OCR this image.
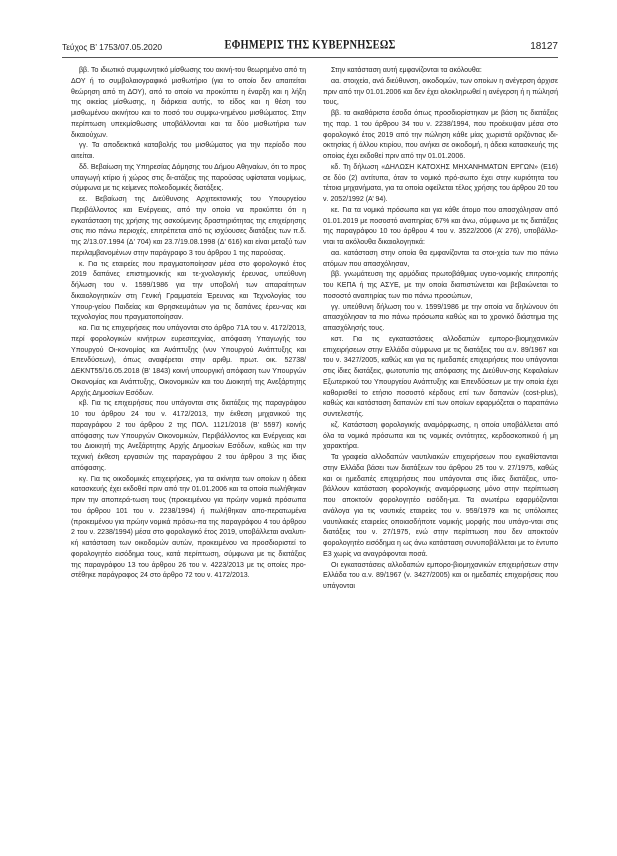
Τεύχος Β’ 1753/07.05.2020	ΕΦΗΜΕΡΙΣ ΤΗΣ ΚΥΒΕΡΝΗΣΕΩΣ	18127

ββ. Το ιδιωτικό συμφωνητικό μίσθωσης του ακινή-του θεωρημένο από τη ΔΟΥ ή το συμβολαιογραφικό μισθωτήριο (για το οποίο δεν απαιτείται θεώρηση από τη ΔΟΥ), από το οποίο να προκύπτει η έναρξη και η λήξη της οικείας μίσθωσης, η διάρκεια αυτής, το είδος και η θέση του μισθωμένου ακινήτου και το ποσό του συμφω-νημένου μισθώματος. Στην περίπτωση υπεκμίσθωσης υποβάλλονται και τα δύο μισθωτήρια των δικαιούχων.

γγ. Τα αποδεικτικά καταβολής του μισθώματος για την περίοδο που αιτείται.

δδ. Βεβαίωση της Υπηρεσίας Δόμησης του Δήμου Αθηναίων, ότι το προς υπαγωγή κτίριο ή χώρος στις δι-ατάξεις της παρούσας υφίσταται νομίμως, σύμφωνα με τις κείμενες πολεοδομικές διατάξεις.

εε. Βεβαίωση της Διεύθυνσης Αρχιτεκτονικής του Υπουργείου Περιβάλλοντος και Ενέργειας, από την οποία να προκύπτει ότι η εγκατάσταση της χρήσης της ασκούμενης δραστηριότητας της επιχείρησης στις πιο πάνω περιοχές, επιτρέπεται από τις ισχύουσες διατάξεις των π.δ. της 2/13.07.1994 (Δ’ 704) και 23.7/19.08.1998 (Δ’ 616) και είναι μεταξύ των περιλαμβανομένων στην παράγραφο 3 του άρθρου 1 της παρούσας.

κ. Για τις εταιρείες που πραγματοποίησαν μέσα στο φορολογικό έτος 2019 δαπάνες επιστημονικής και τε-χνολογικής έρευνας, υπεύθυνη δήλωση του ν. 1599/1986 για την υποβολή των απαραίτητων δικαιολογητικών στη Γενική Γραμματεία Έρευνας και Τεχνολογίας του Υπουρ-γείου Παιδείας και Θρησκευμάτων για τις δαπάνες έρευ-νας και τεχνολογίας που πραγματοποίησαν.

κα. Για τις επιχειρήσεις που υπάγονται στο άρθρο 71Α του ν. 4172/2013, περί φορολογικών κινήτρων ευρεσιτεχνίας, απόφαση Υπαγωγής του Υπουργού Οι-κονομίας και Ανάπτυξης (νυν Υπουργού Ανάπτυξης και Επενδύσεων), όπως αναφέρεται στην αριθμ. πρωτ. οικ. 52738/ΔΕΚΝΤ55/16.05.2018 (Β’ 1843) κοινή υπουργική απόφαση των Υπουργών Οικονομίας και Ανάπτυξης, Οικονομικών και του Διοικητή της Ανεξάρτητης Αρχής Δημοσίων Εσόδων.

κβ. Για τις επιχειρήσεις που υπάγονται στις διατάξεις της παραγράφου 10 του άρθρου 24 του ν. 4172/2013, την έκθεση μηχανικού της παραγράφου 2 του άρθρου 2 της ΠΟΛ. 1121/2018 (Β’ 5597) κοινής απόφασης των Υπουργών Οικονομικών, Περιβάλλοντος και Ενέργειας και του Διοικητή της Ανεξάρτητης Αρχής Δημοσίων Εσόδων, καθώς και την τεχνική έκθεση εργασιών της παραγράφου 2 του άρθρου 3 της ίδιας απόφασης.

κγ. Για τις οικοδομικές επιχειρήσεις, για τα ακίνητα των οποίων η άδεια κατασκευής έχει εκδοθεί πριν από την 01.01.2006 και τα οποία πωλήθηκαν πριν την αποπερά-τωση τους (προκειμένου για πρώην νομικά πρόσωπα του άρθρου 101 του ν. 2238/1994) ή πωλήθηκαν απο-περατωμένα (προκειμένου για πρώην νομικά πρόσω-πα της παραγράφου 4 του άρθρου 2 του ν. 2238/1994) μέσα στο φορολογικό έτος 2019, υποβάλλεται αναλυτι-κή κατάσταση των οικοδομών αυτών, προκειμένου να προσδιοριστεί το φορολογητέο εισόδημα τους, κατά περίπτωση, σύμφωνα με τις διατάξεις της παραγράφου 13 του άρθρου 26 του ν. 4223/2013 με τις οποίες προ-στέθηκε παράγραφος 24 στο άρθρο 72 του ν. 4172/2013.

Στην κατάσταση αυτή εμφανίζονται τα ακόλουθα:

αα. στοιχεία, ανά διεύθυνση, οικοδομών, των οποίων η ανέγερση άρχισε πριν από την 01.01.2006 και δεν έχει ολοκληρωθεί η ανέγερση ή η πώλησή τους,

ββ. τα ακαθάριστα έσοδα όπως προσδιορίστηκαν με βάση τις διατάξεις της παρ. 1 του άρθρου 34 του ν. 2238/1994, που προέκυψαν μέσα στο φορολογικό έτος 2019 από την πώληση κάθε μίας χωριστά οριζόντιας ιδι-οκτησίας ή άλλου κτιρίου, που ανήκει σε οικοδομή, η άδεια κατασκευής της οποίας έχει εκδοθεί πριν από την 01.01.2006.

κδ. Τη δήλωση «ΔΗΛΩΣΗ ΚΑΤΟΧΗΣ ΜΗΧΑΝΗΜΑΤΩΝ ΕΡΓΩΝ» (Ε16) σε δύο (2) αντίτυπα, όταν το νομικό πρό-σωπο έχει στην κυριότητα του τέτοια μηχανήματα, για τα οποία οφείλεται τέλος χρήσης του άρθρου 20 του ν. 2052/1992 (Α’ 94).

κε. Για τα νομικά πρόσωπα και για κάθε άτομο που απασχόλησαν από 01.01.2019 με ποσοστό αναπηρίας 67% και άνω, σύμφωνα με τις διατάξεις της παραγράφου 10 του άρθρου 4 του ν. 3522/2006 (Α’ 276), υποβάλλο-νται τα ακόλουθα δικαιολογητικά:

αα. κατάσταση στην οποία θα εμφανίζονται τα στοι-χεία των πιο πάνω ατόμων που απασχόλησαν,

ββ. γνωμάτευση της αρμόδιας πρωτοβάθμιας υγειο-νομικής επιτροπής του ΚΕΠΑ ή της ΑΣΥΕ, με την οποία διαπιστώνεται και βεβαιώνεται το ποσοστό αναπηρίας των πιο πάνω προσώπων,

γγ. υπεύθυνη δήλωση του ν. 1599/1986 με την οποία να δηλώνουν ότι απασχόλησαν τα πιο πάνω πρόσωπα καθώς και το χρονικό διάστημα της απασχόλησής τους.

κστ. Για τις εγκαταστάσεις αλλοδαπών εμπορο-βιομηχανικών επιχειρήσεων στην Ελλάδα σύμφωνα με τις διατάξεις του α.ν. 89/1967 και του ν. 3427/2005, καθώς και για τις ημεδαπές επιχειρήσεις που υπάγονται στις ίδιες διατάξεις, φωτοτυπία της απόφασης της Διεύθυν-σης Κεφαλαίων Εξωτερικού του Υπουργείου Ανάπτυξης και Επενδύσεων με την οποία έχει καθορισθεί το ετήσιο ποσοστό κέρδους επί των δαπανών (cost-plus), καθώς και κατάσταση δαπανών επί των οποίων εφαρμόζεται ο παραπάνω συντελεστής.

κζ. Κατάσταση φορολογικής αναμόρφωσης, η οποία υποβάλλεται από όλα τα νομικά πρόσωπα και τις νομικές οντότητες, κερδοσκοπικού ή μη χαρακτήρα.

Τα γραφεία αλλοδαπών ναυτιλιακών επιχειρήσεων που εγκαθίστανται στην Ελλάδα βάσει των διατάξεων του άρθρου 25 του ν. 27/1975, καθώς και οι ημεδαπές επιχειρήσεις που υπάγονται στις ίδιες διατάξεις, υπο-βάλλουν κατάσταση φορολογικής αναμόρφωσης μόνο στην περίπτωση που αποκτούν φορολογητέο εισόδη-μα. Τα ανωτέρω εφαρμόζονται ανάλογα για τις ναυτικές εταιρείες του ν. 959/1979 και τις υπόλοιπες ναυτιλιακές εταιρείες οποιασδήποτε νομικής μορφής που υπάγο-νται στις διατάξεις του ν. 27/1975, ενώ στην περίπτωση που δεν αποκτούν φορολογητέο εισόδημα η ως άνω κατάσταση συνυποβάλλεται με το έντυπο Ε3 χωρίς να αναγράφονται ποσά.

Οι εγκαταστάσεις αλλοδαπών εμπορο-βιομηχανικών επιχειρήσεων στην Ελλάδα του α.ν. 89/1967 (ν. 3427/2005) και οι ημεδαπές επιχειρήσεις που υπάγονται
